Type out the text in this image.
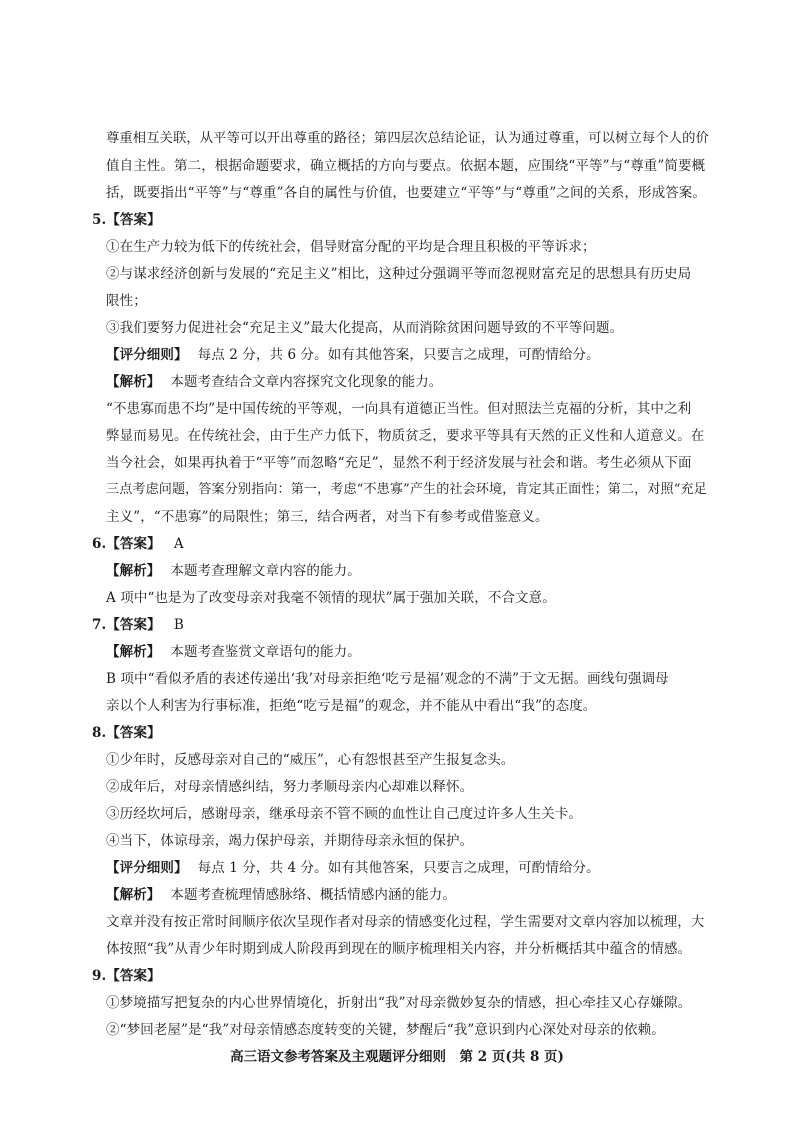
尊重相互关联，从平等可以开出尊重的路径；第四层次总结论证，认为通过尊重，可以树立每个人的价
值自主性。第二，根据命题要求，确立概括的方向与要点。依据本题，应围绕“平等”与“尊重”简要概
括，既要指出“平等”与“尊重”各自的属性与价值，也要建立“平等”与“尊重”之间的关系，形成答案。
5.【答案】
①在生产力较为低下的传统社会，倡导财富分配的平均是合理且积极的平等诉求；
②与谋求经济创新与发展的“充足主义”相比，这种过分强调平等而忽视财富充足的思想具有历史局
限性；
③我们要努力促进社会“充足主义”最大化提高，从而消除贫困问题导致的不平等问题。
【评分细则】 每点 2 分，共 6 分。如有其他答案，只要言之成理，可酌情给分。
【解析】 本题考查结合文章内容探究文化现象的能力。
“不患寡而患不均”是中国传统的平等观，一向具有道德正当性。但对照法兰克福的分析，其中之利
弊显而易见。在传统社会，由于生产力低下，物质贫乏，要求平等具有天然的正义性和人道意义。在
当今社会，如果再执着于“平等”而忽略“充足”，显然不利于经济发展与社会和谐。考生必须从下面
三点考虑问题，答案分别指向：第一，考虑“不患寡”产生的社会环境，肯定其正面性；第二，对照“充足
主义”，“不患寡”的局限性；第三，结合两者，对当下有参考或借鉴意义。
6.【答案】 A
【解析】 本题考查理解文章内容的能力。
A 项中“也是为了改变母亲对我毫不领情的现状”属于强加关联，不合文意。
7.【答案】 B
【解析】 本题考查鉴赏文章语句的能力。
B 项中“看似矛盾的表述传递出‘我’对母亲拒绝‘吃亏是福’观念的不满”于文无据。画线句强调母
亲以个人利害为行事标准，拒绝“吃亏是福”的观念，并不能从中看出“我”的态度。
8.【答案】
①少年时，反感母亲对自己的“威压”，心有怨恨甚至产生报复念头。
②成年后，对母亲情感纠结，努力孝顺母亲内心却难以释怀。
③历经坎坷后，感谢母亲，继承母亲不管不顾的血性让自己度过许多人生关卡。
④当下，体谅母亲，竭力保护母亲，并期待母亲永恒的保护。
【评分细则】 每点 1 分，共 4 分。如有其他答案，只要言之成理，可酌情给分。
【解析】 本题考查梳理情感脉络、概括情感内涵的能力。
文章并没有按正常时间顺序依次呈现作者对母亲的情感变化过程，学生需要对文章内容加以梳理，大
体按照“我”从青少年时期到成人阶段再到现在的顺序梳理相关内容，并分析概括其中蕴含的情感。
9.【答案】
①梦境描写把复杂的内心世界情境化，折射出“我”对母亲微妙复杂的情感，担心牵挂又心存嫌隙。
②“梦回老屋”是“我”对母亲情感态度转变的关键，梦醒后“我”意识到内心深处对母亲的依赖。
高三语文参考答案及主观题评分细则　第 2 页(共 8 页)
